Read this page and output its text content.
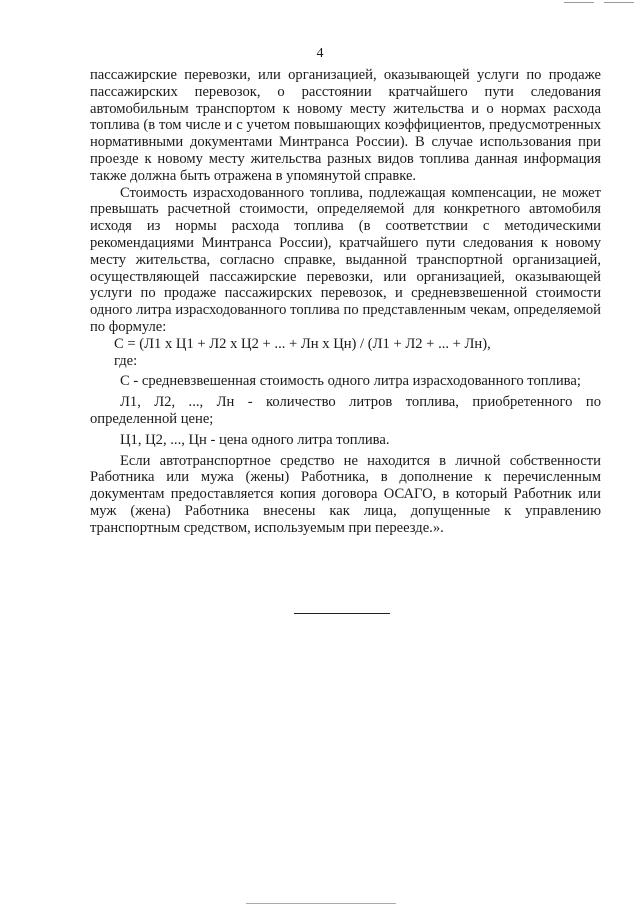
4

пассажирские перевозки, или организацией, оказывающей услуги по продаже пассажирских перевозок, о расстоянии кратчайшего пути следования автомобильным транспортом к новому месту жительства и о нормах расхода топлива (в том числе и с учетом повышающих коэффициентов, предусмотренных нормативными документами Минтранса России). В случае использования при проезде к новому месту жительства разных видов топлива данная информация также должна быть отражена в упомянутой справке.

Стоимость израсходованного топлива, подлежащая компенсации, не может превышать расчетной стоимости, определяемой для конкретного автомобиля исходя из нормы расхода топлива (в соответствии с методическими рекомендациями Минтранса России), кратчайшего пути следования к новому месту жительства, согласно справке, выданной транспортной организацией, осуществляющей пассажирские перевозки, или организацией, оказывающей услуги по продаже пассажирских перевозок, и средневзвешенной стоимости одного литра израсходованного топлива по представленным чекам, определяемой по формуле:

С = (Л1 х Ц1 + Л2 х Ц2 + ... + Лн х Цн) / (Л1 + Л2 + ... + Лн),

где:

С - средневзвешенная стоимость одного литра израсходованного топлива;

Л1, Л2, ..., Лн - количество литров топлива, приобретенного по определенной цене;

Ц1, Ц2, ..., Цн - цена одного литра топлива.

Если автотранспортное средство не находится в личной собственности Работника или мужа (жены) Работника, в дополнение к перечисленным документам предоставляется копия договора ОСАГО, в который Работник или муж (жена) Работника внесены как лица, допущенные к управлению транспортным средством, используемым при переезде.».
